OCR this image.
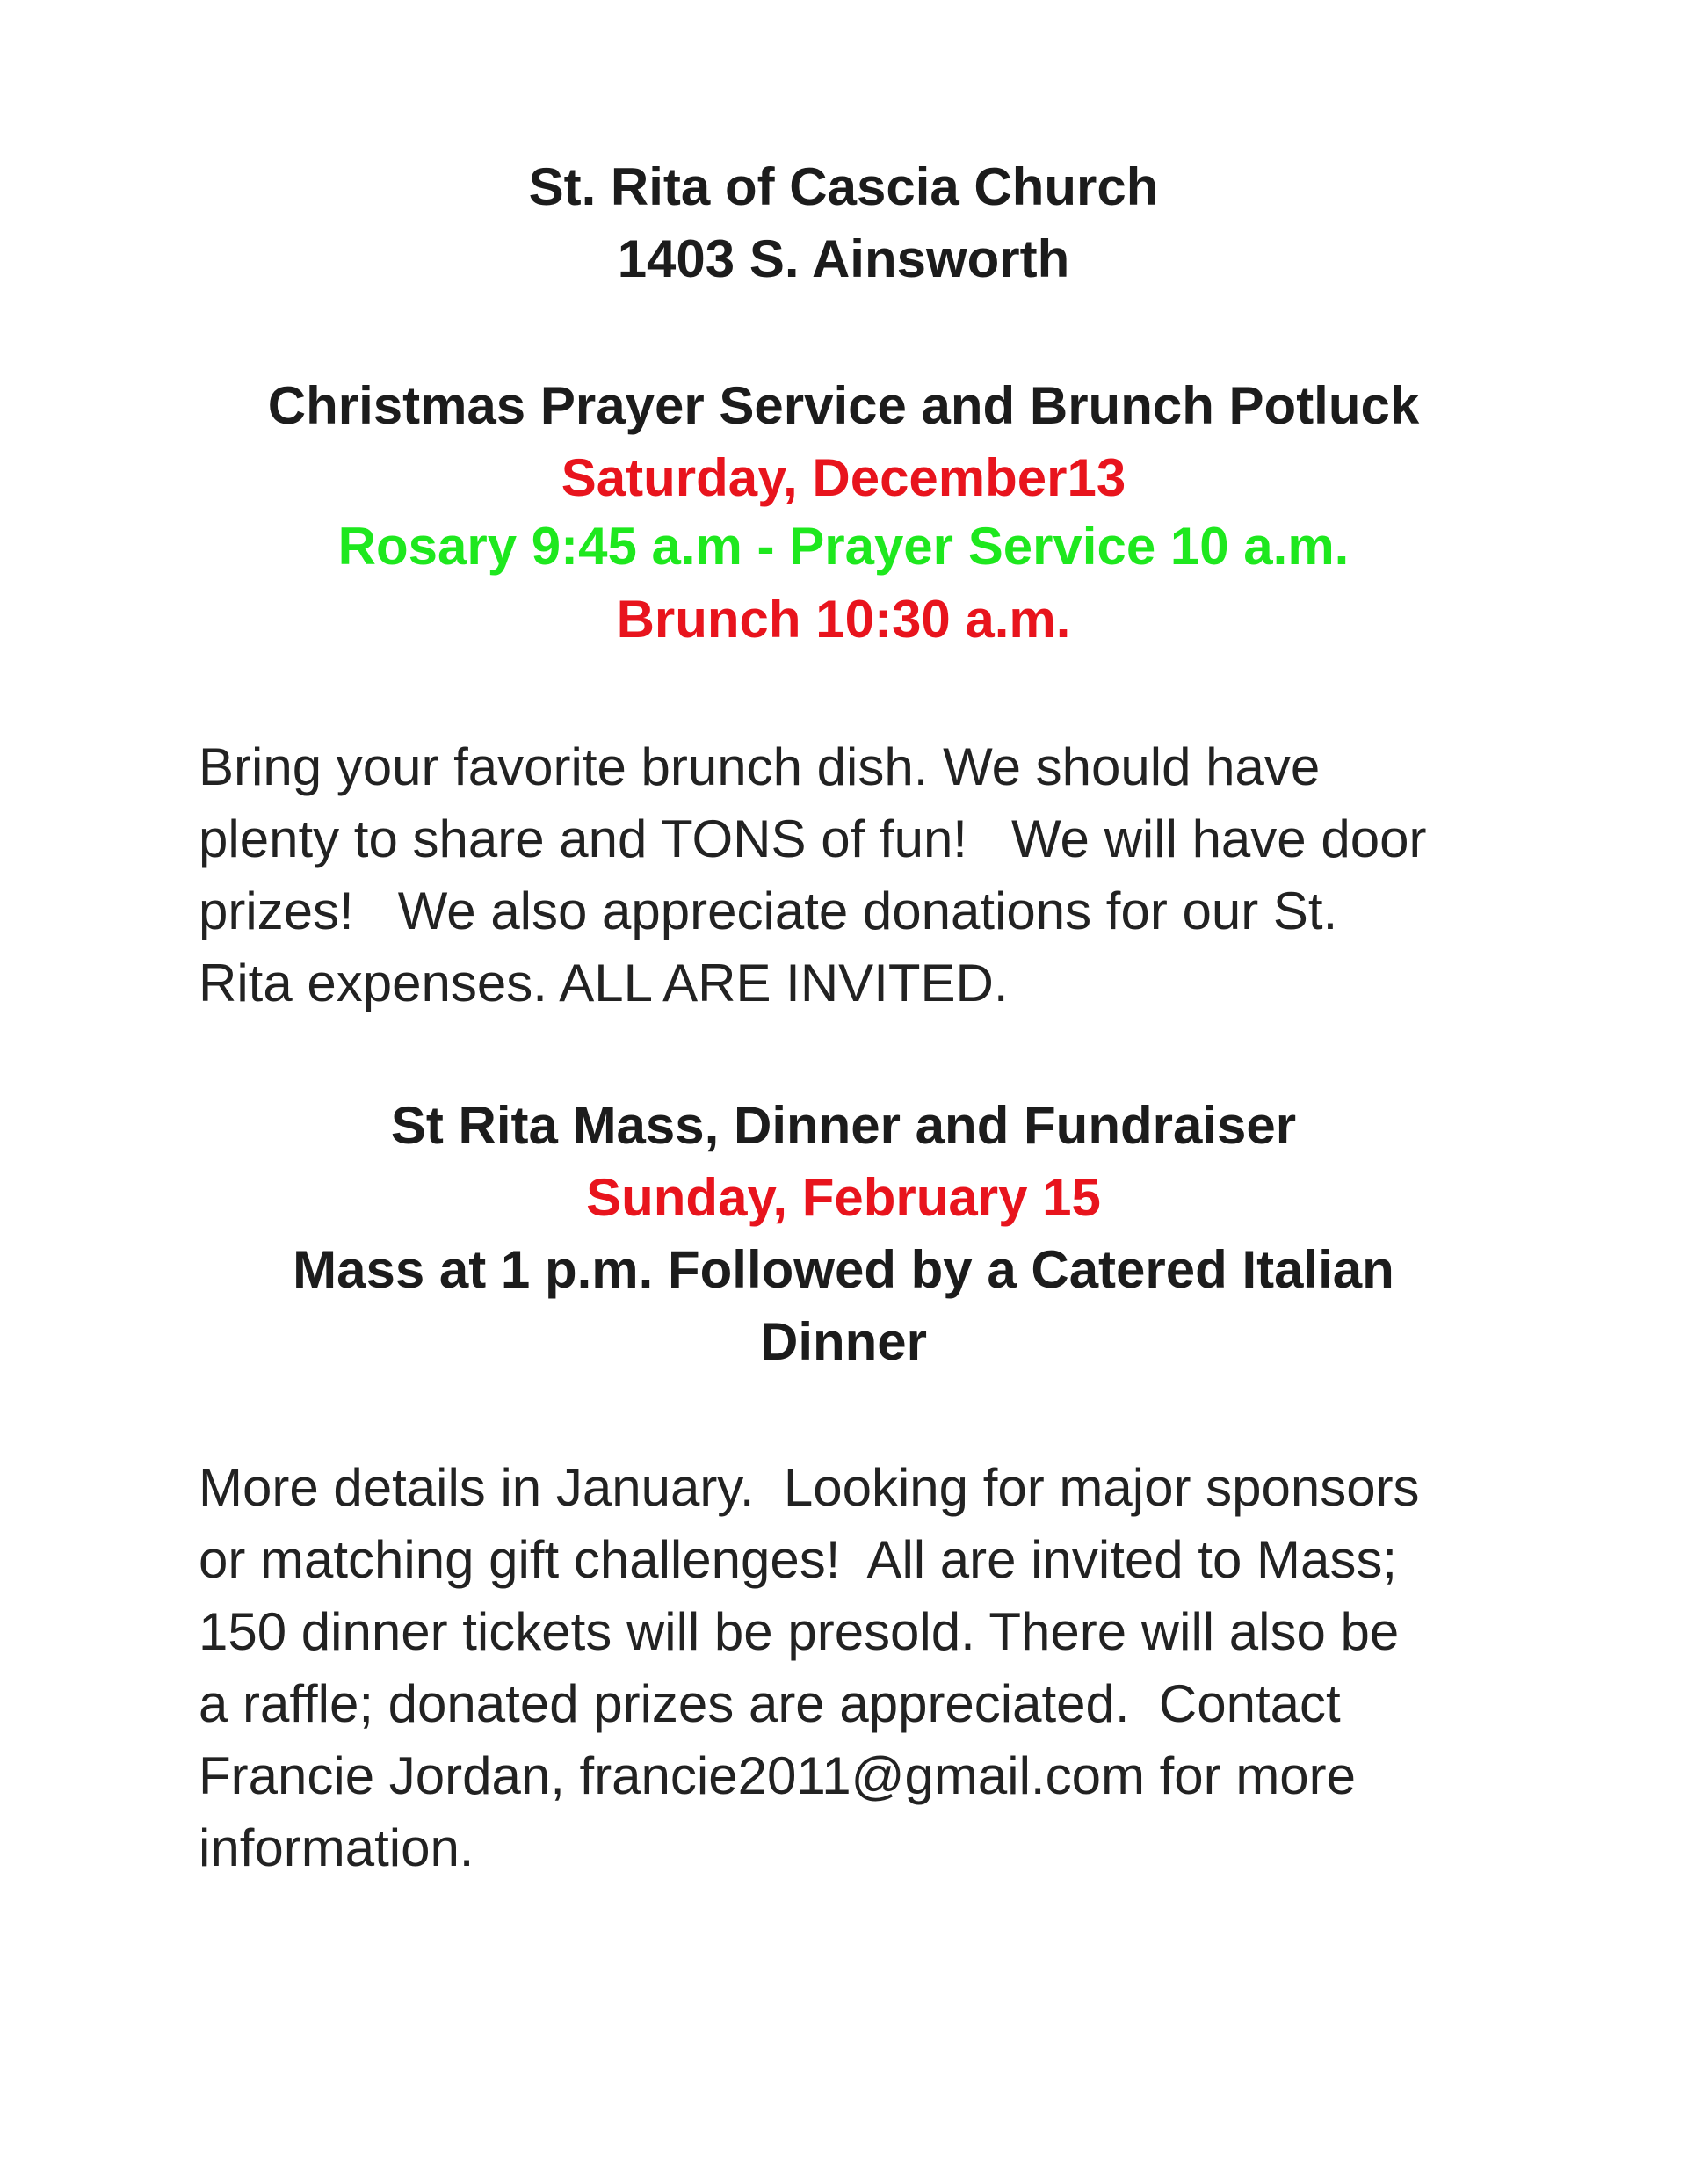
St. Rita of Cascia Church
1403 S. Ainsworth
Christmas Prayer Service and Brunch Potluck
Saturday, December13
Rosary 9:45 a.m - Prayer Service 10 a.m.
Brunch 10:30 a.m.
Bring your favorite brunch dish. We should have
plenty to share and TONS of fun!   We will have door
prizes!   We also appreciate donations for our St.
Rita expenses. ALL ARE INVITED.
St Rita Mass, Dinner and Fundraiser
Sunday, February 15
Mass at 1 p.m. Followed by a Catered Italian
Dinner
More details in January.  Looking for major sponsors
or matching gift challenges!  All are invited to Mass;
150 dinner tickets will be presold. There will also be
a raffle; donated prizes are appreciated.  Contact
Francie Jordan, francie2011@gmail.com for more
information.
